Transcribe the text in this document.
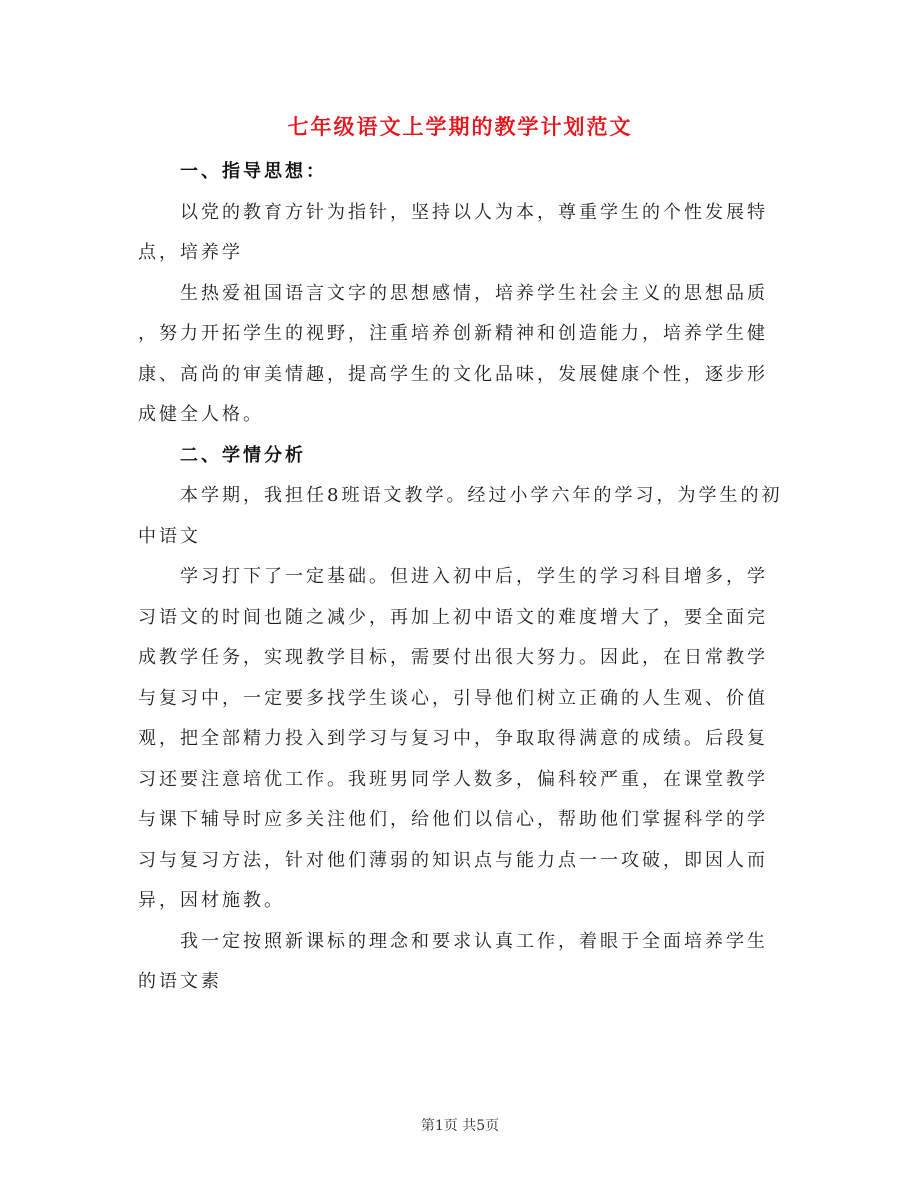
七年级语文上学期的教学计划范文
一、指导思想：
以党的教育方针为指针，坚持以人为本，尊重学生的个性发展特
点，培养学
生热爱祖国语言文字的思想感情，培养学生社会主义的思想品质
，努力开拓学生的视野，注重培养创新精神和创造能力，培养学生健
康、高尚的审美情趣，提高学生的文化品味，发展健康个性，逐步形
成健全人格。
二、学情分析
本学期，我担任8班语文教学。经过小学六年的学习，为学生的初
中语文
学习打下了一定基础。但进入初中后，学生的学习科目增多，学
习语文的时间也随之减少，再加上初中语文的难度增大了，要全面完
成教学任务，实现教学目标，需要付出很大努力。因此，在日常教学
与复习中，一定要多找学生谈心，引导他们树立正确的人生观、价值
观，把全部精力投入到学习与复习中，争取取得满意的成绩。后段复
习还要注意培优工作。我班男同学人数多，偏科较严重，在课堂教学
与课下辅导时应多关注他们，给他们以信心，帮助他们掌握科学的学
习与复习方法，针对他们薄弱的知识点与能力点一一攻破，即因人而
异，因材施教。
我一定按照新课标的理念和要求认真工作，着眼于全面培养学生
的语文素
第1页 共5页
